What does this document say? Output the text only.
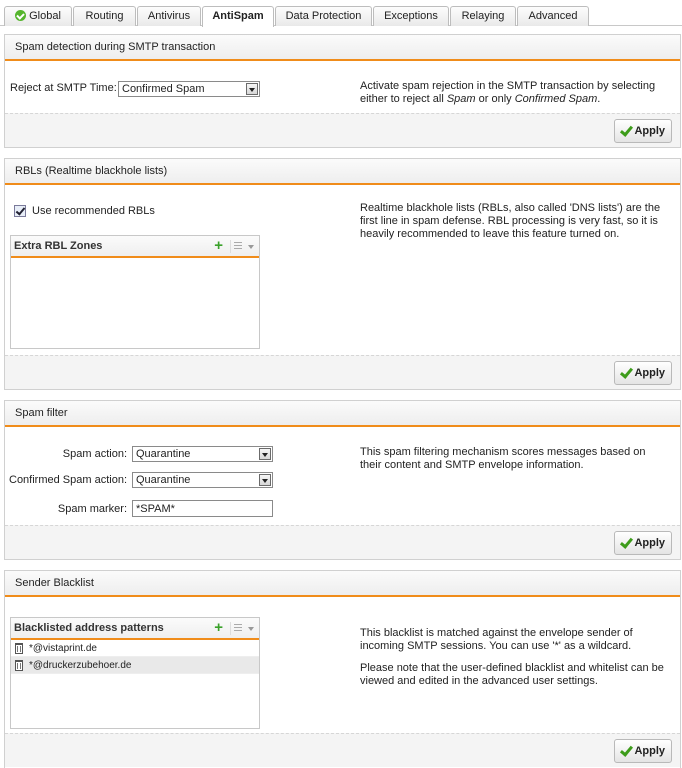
Global	Routing	Antivirus	AntiSpam	Data Protection	Exceptions	Relaying	Advanced
Spam detection during SMTP transaction
Reject at SMTP Time: Confirmed Spam	Activate spam rejection in the SMTP transaction by selecting either to reject all Spam or only Confirmed Spam.
Apply
RBLs (Realtime blackhole lists)
Use recommended RBLs
Extra RBL Zones	+
Realtime blackhole lists (RBLs, also called 'DNS lists') are the first line in spam defense. RBL processing is very fast, so it is heavily recommended to leave this feature turned on.
Apply
Spam filter
Spam action: Quarantine
Confirmed Spam action: Quarantine
Spam marker:
*SPAM*
This spam filtering mechanism scores messages based on their content and SMTP envelope information.
Apply
Sender Blacklist
Blacklisted address patterns	+
*@vistaprint.de
*@druckerzubehoer.de
This blacklist is matched against the envelope sender of incoming SMTP sessions. You can use '*' as a wildcard.
Please note that the user-defined blacklist and whitelist can be viewed and edited in the advanced user settings.
Apply
